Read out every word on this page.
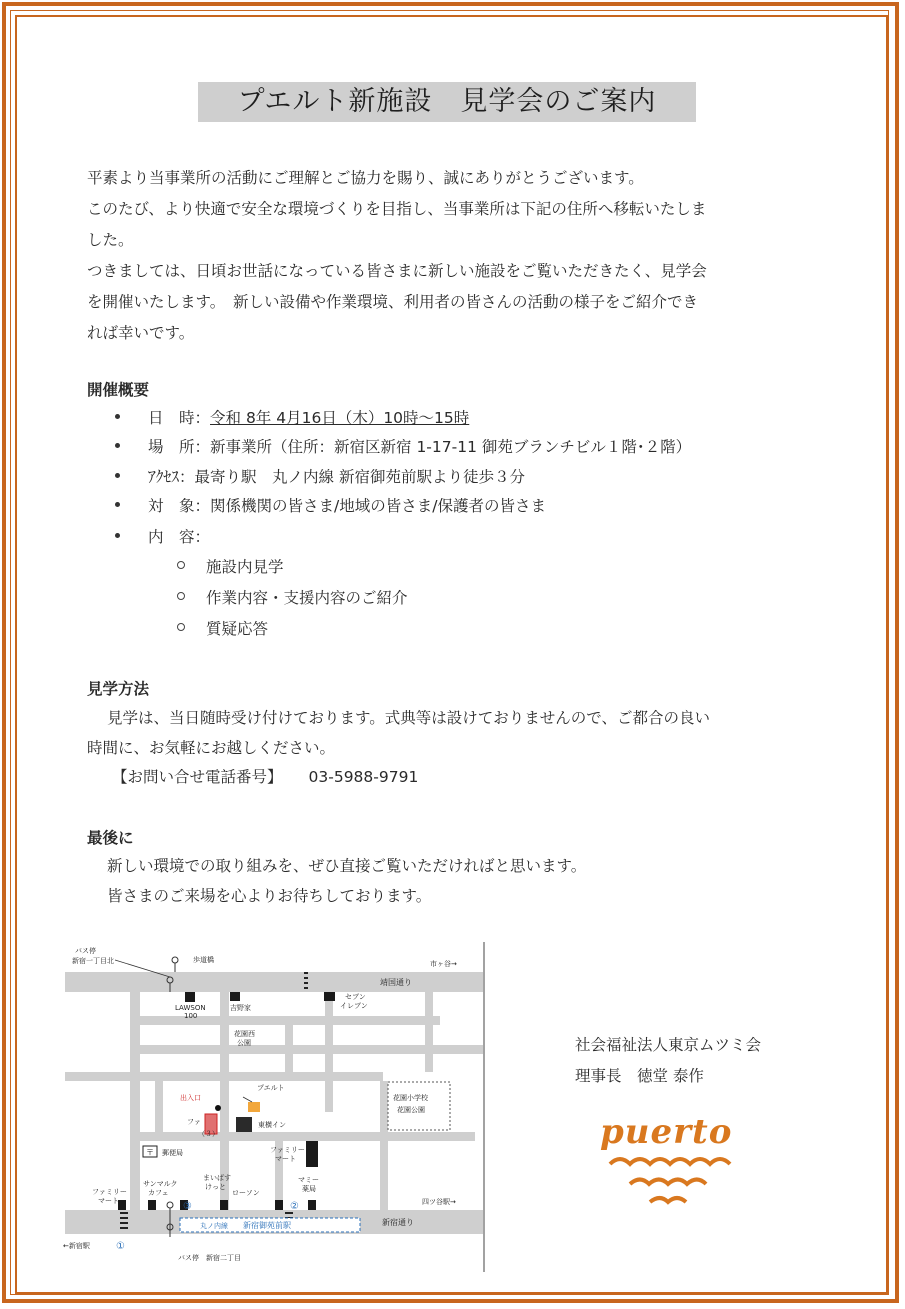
プエルト新施設　見学会のご案内
平素より当事業所の活動にご理解とご協力を賜り、誠にありがとうございます。
このたび、より快適で安全な環境づくりを目指し、当事業所は下記の住所へ移転いたしま
した。
つきましては、日頃お世話になっている皆さまに新しい施設をご覧いただきたく、見学会
を開催いたします。　新しい設備や作業環境、利用者の皆さんの活動の様子をご紹介でき
れば幸いです。
開催概要
日　時：令和 8年 4月16日（木）10時～15時
場　所：新事業所（住所：新宿区新宿 1-17-11 御苑ブランチビル１階･２階）
ｱｸｾｽ：最寄り駅　丸ノ内線 新宿御苑前駅より徒歩３分
対　象：関係機関の皆さま/地域の皆さま/保護者の皆さま
内　容：
施設内見学
作業内容・支援内容のご紹介
質疑応答
見学方法
見学は、当日随時受け付けております。式典等は設けておりませんので、ご都合の良い
時間に、お気軽にお越しください。
【お問い合せ電話番号】 03-5988-9791
最後に
新しい環境での取り組みを、ぜひ直接ご覧いただければと思います。
皆さまのご来場を心よりお待ちしております。
社会福祉法人東京ムツミ会
理事長　徳堂 泰作
puerto
〒
バス停
新宿一丁目北	歩道橋	市ヶ谷→
靖国通り
LAWSON
100
吉野家
セブン
イレブン
花園西
公園
花園小学校
花園公園
プエルト
出入口
ファ
（３）
東横イン
郵便局	ファミリー
マート
ファミリー
マート
サンマルク
カフェ
まいばす
けっと
ローソン
マミー
薬局
四ツ谷駅→
丸ノ内線 新宿御苑前駅	新宿通り
←新宿駅
バス停　新宿二丁目
①
②
③
